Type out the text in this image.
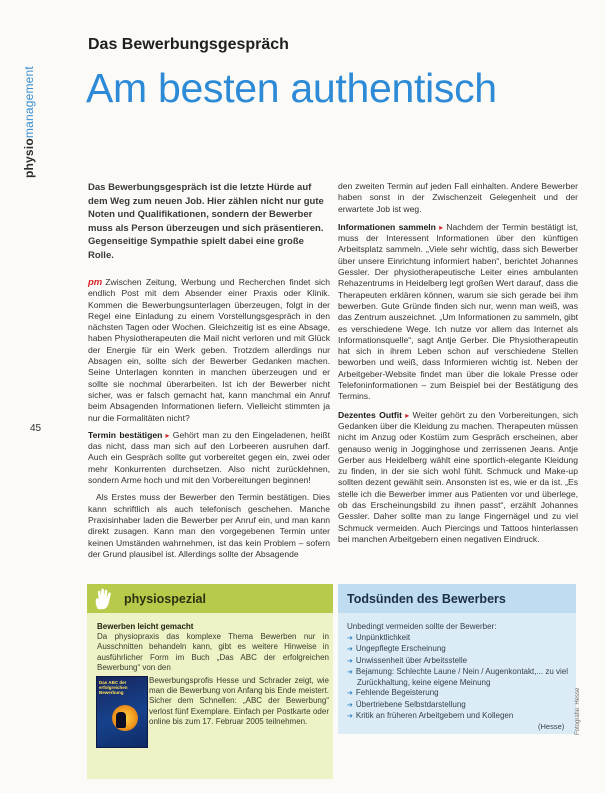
physiomanagement
Das Bewerbungsgespräch
Am besten authentisch
45
Das Bewerbungsgespräch ist die letzte Hürde auf dem Weg zum neuen Job. Hier zählen nicht nur gute Noten und Qualifikationen, sondern der Bewerber muss als Person überzeugen und sich präsentieren. Gegenseitige Sympathie spielt dabei eine große Rolle.

pm Zwischen Zeitung, Werbung und Recherchen findet sich endlich Post mit dem Absender einer Praxis oder Klinik. Kommen die Bewerbungsunterlagen überzeugen, folgt in der Regel eine Einladung zu einem Vorstellungsgespräch in den nächsten Tagen oder Wochen. Gleichzeitig ist es eine Absage, haben Physiotherapeuten die Mail nicht verloren und mit Glück der Energie für ein Werk geben. Trotzdem allerdings nur Absagen ein, sollte sich der Bewerber Gedanken machen. Seine Unterlagen konnten in manchen überzeugen und er sollte sie nochmal überarbeiten. Ist ich der Bewerber nicht sicher, was er falsch gemacht hat, kann manchmal ein Anruf beim Absagenden Informationen liefern. Vielleicht stimmten ja nur die Formalitäten nicht?

Termin bestätigen ▸ Gehört man zu den Eingeladenen, heißt das nicht, dass man sich auf den Lorbeeren ausruhen darf. Auch ein Gespräch sollte gut vorbereitet gegen ein, zwei oder mehr Konkurrenten durchsetzen. Also nicht zurücklehnen, sondern Arme hoch und mit den Vorbereitungen beginnen!

Als Erstes muss der Bewerber den Termin bestätigen. Dies kann schriftlich als auch telefonisch geschehen. Manche Praxisinhaber laden die Bewerber per Anruf ein, und man kann direkt zusagen. Kann man den vorgegebenen Termin unter keinen Umständen wahrnehmen, ist das kein Problem – sofern der Grund plausibel ist. Allerdings sollte der Absagende

den zweiten Termin auf jeden Fall einhalten. Andere Bewerber haben sonst in der Zwischenzeit Gelegenheit und der erwartete Job ist weg.

Informationen sammeln ▸ Nachdem der Termin bestätigt ist, muss der Interessent Informationen über den künftigen Arbeitsplatz sammeln. „Viele sehr wichtig, dass sich Bewerber über unsere Einrichtung informiert haben“, berichtet Johannes Gessler. Der physiotherapeutische Leiter eines ambulanten Rehazentrums in Heidelberg legt großen Wert darauf, dass die Therapeuten erklären können, warum sie sich gerade bei ihm bewerben. Gute Gründe finden sich nur, wenn man weiß, was das Zentrum auszeichnet. „Um Informationen zu sammeln, gibt es verschiedene Wege. Ich nutze vor allem das Internet als Informationsquelle“, sagt Antje Gerber. Die Physiotherapeutin hat sich in ihrem Leben schon auf verschiedene Stellen beworben und weiß, dass Informieren wichtig ist. Neben der Arbeitgeber-Website findet man über die lokale Presse oder Telefoninformationen – zum Beispiel bei der Bestätigung des Termins.

Dezentes Outfit ▸ Weiter gehört zu den Vorbereitungen, sich Gedanken über die Kleidung zu machen. Therapeuten müssen nicht im Anzug oder Kostüm zum Gespräch erscheinen, aber genauso wenig in Jogginghose und zerrissenen Jeans. Antje Gerber aus Heidelberg wählt eine sportlich-elegante Kleidung zu finden, in der sie sich wohl fühlt. Schmuck und Make-up sollten dezent gewählt sein. Ansonsten ist es, wie er da ist. „Es stelle ich die Bewerber immer aus Patienten vor und überlege, ob das Erscheinungsbild zu ihnen passt“, erzählt Johannes Gessler. Daher sollte man zu lange Fingernägel und zu viel Schmuck vermeiden. Auch Piercings und Tattoos hinterlassen bei manchen Arbeitgebern einen negativen Eindruck.

physiospezial
Bewerben leicht gemacht
Da physiopraxis das komplexe Thema Bewerben nur in Ausschnitten behandeln kann, gibt es weitere Hinweise in ausführlicher Form im Buch „Das ABC der erfolgreichen Bewerbung“ von den
Das ABC der erfolgreichen Bewerbung
Bewerbungsprofis Hesse und Schrader zeigt, wie man die Bewerbung von Anfang bis Ende meistert. Sicher dem Schnellen: „ABC der Bewerbung“ verlost fünf Exemplare. Einfach per Postkarte oder online bis zum 17. Februar 2005 teilnehmen.
Todsünden des Bewerbers
Unbedingt vermeiden sollte der Bewerber:
➔ Unpünktlichkeit
➔ Ungepflegte Erscheinung
➔ Unwissenheit über Arbeitsstelle
➔ Bejamung: Schlechte Laune / Nein / Augenkontakt,... zu viel Zurückhaltung, keine eigene Meinung
➔ Fehlende Begeisterung
➔ Übertriebene Selbstdarstellung
➔ Kritik an früheren Arbeitgebern und Kollegen
(Hesse) Fotografie: Hesse
